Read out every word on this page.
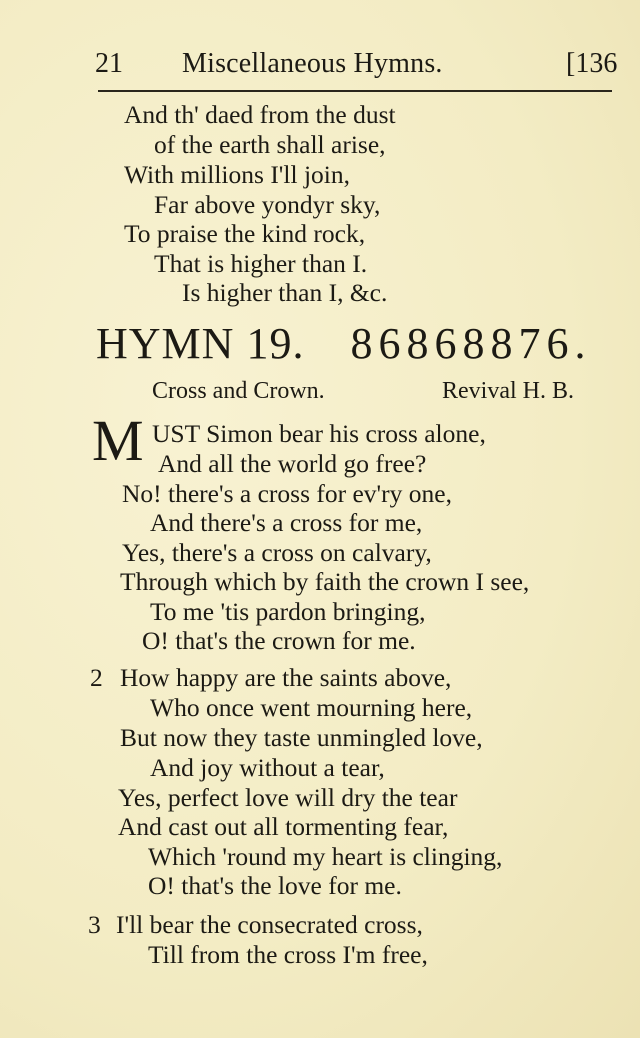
21 Miscellaneous Hymns.	[136
And th' daed from the dust
of the earth shall arise,
With millions I'll join,
Far above yondyr sky,
To praise the kind rock,
That is higher than I.
Is higher than I, &c.
HYMN 19. 86868876.
Cross and Crown.	Revival H. B.
M UST Simon bear his cross alone,
And all the world go free?
No! there's a cross for ev'ry one,
And there's a cross for me,
Yes, there's a cross on calvary,
Through which by faith the crown I see,
To me 'tis pardon bringing,
O! that's the crown for me.
2 How happy are the saints above,
Who once went mourning here,
But now they taste unmingled love,
And joy without a tear,
Yes, perfect love will dry the tear
And cast out all tormenting fear,
Which 'round my heart is clinging,
O! that's the love for me.
3 I'll bear the consecrated cross,
Till from the cross I'm free,
